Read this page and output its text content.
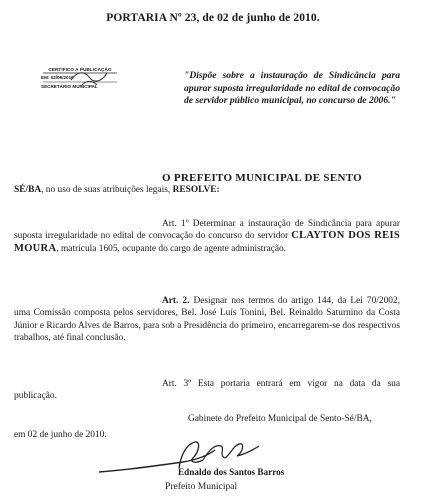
PORTARIA Nº 23, de 02 de junho de 2010.
CERTIFICO A PUBLICAÇÃO
EM: 02/06/2010
SECRETÁRIO MUNICIPAL
"Dispõe sobre a instauração de Sindicância para apurar suposta irregularidade no edital de convocação de servidor público municipal, no concurso de 2006."
O PREFEITO MUNICIPAL DE SENTO
SÉ/BA, no uso de suas atribuições legais, RESOLVE:
Art. 1º Determinar a instauração de Sindicância para apurar suposta irregularidade no edital de convocação do concurso do servidor CLAYTON DOS REIS MOURA, matrícula 1605, ocupante do cargo de agente administração.
Art. 2. Designar nos termos do artigo 144, da Lei 70/2002, uma Comissão composta pelos servidores, Bel. José Luís Tonini, Bel. Reinaldo Saturnino da Costa Júnior e Ricardo Alves de Barros, para sob a Presidência do primeiro, encarregarem-se dos respectivos trabalhos, até final conclusão.
Art. 3º Esta portaria entrará em vigor na data da sua publicação.
Gabinete do Prefeito Municipal de Sento-Sé/BA,
em 02 de junho de 2010.
Ednaldo dos Santos Barros
Prefeito Municipal
